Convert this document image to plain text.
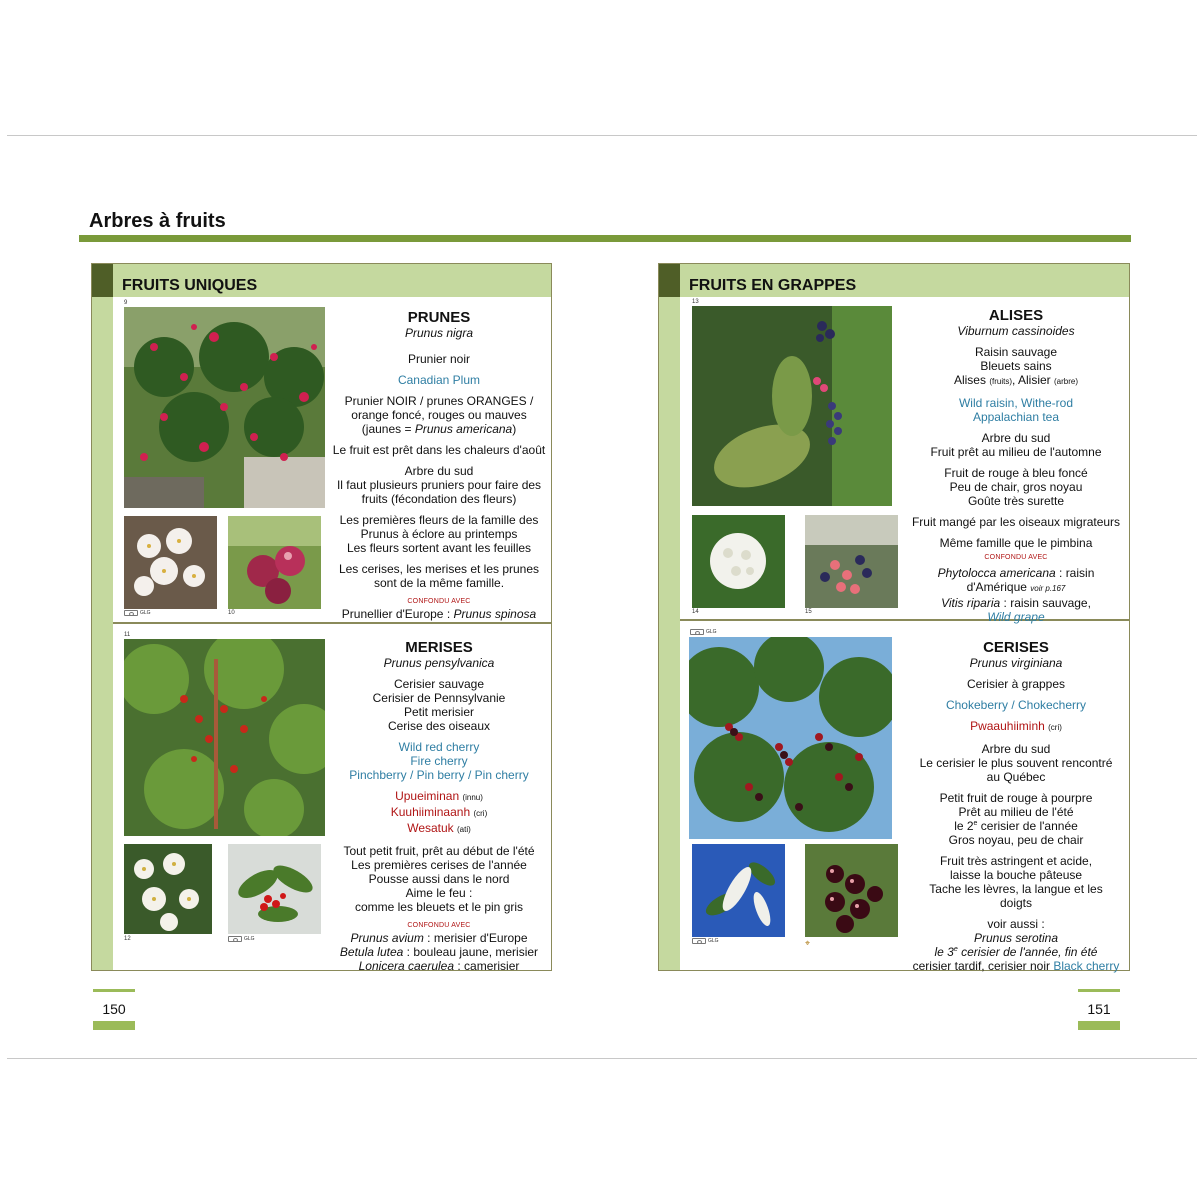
Arbres à fruits
FRUITS UNIQUES
9
GLG	10
PRUNES
Prunus nigra
Prunier noir
Canadian Plum
Prunier NOIR / prunes ORANGES /
orange foncé, rouges ou mauves
(jaunes = Prunus americana)
Le fruit est prêt dans les chaleurs d'août
Arbre du sud
Il faut plusieurs pruniers pour faire des
fruits (fécondation des fleurs)
Les premières fleurs de la famille des
Prunus à éclore au printemps
Les fleurs sortent avant les feuilles
Les cerises, les merises et les prunes
sont de la même famille.
CONFONDU AVEC
Prunellier d'Europe : Prunus spinosa
11
12	GLG
MERISES
Prunus pensylvanica
Cerisier sauvage
Cerisier de Pennsylvanie
Petit merisier
Cerise des oiseaux
Wild red cherry
Fire cherry
Pinchberry / Pin berry / Pin cherry
Upueiminan (innu)
Kuuhiiminaanh (cri)
Wesatuk (ati)
Tout petit fruit, prêt au début de l'été
Les premières cerises de l'année
Pousse aussi dans le nord
Aime le feu :
comme les bleuets et le pin gris
CONFONDU AVEC
Prunus avium : merisier d'Europe
Betula lutea : bouleau jaune, merisier
Lonicera caerulea : camerisier
FRUITS EN GRAPPES
13
14	15
ALISES
Viburnum cassinoides
Raisin sauvage
Bleuets sains
Alises (fruits), Alisier (arbre)
Wild raisin, Withe-rod
Appalachian tea
Arbre du sud
Fruit prêt au milieu de l'automne
Fruit de rouge à bleu foncé
Peu de chair, gros noyau
Goûte très surette
Fruit mangé par les oiseaux migrateurs
Même famille que le pimbina
CONFONDU AVEC
Phytolocca americana : raisin
d'Amérique voir p.167
Vitis riparia : raisin sauvage,
Wild grape
GLG
GLG	⌖
CERISES
Prunus virginiana
Cerisier à grappes
Chokeberry / Chokecherry
Pwaauhiiminh (cri)
Arbre du sud
Le cerisier le plus souvent rencontré
au Québec
Petit fruit de rouge à pourpre
Prêt au milieu de l'été
le 2e cerisier de l'année
Gros noyau, peu de chair
Fruit très astringent et acide,
laisse la bouche pâteuse
Tache les lèvres, la langue et les
doigts
voir aussi :
Prunus serotina
le 3e cerisier de l'année, fin été
cerisier tardif, cerisier noir Black cherry
150	151
